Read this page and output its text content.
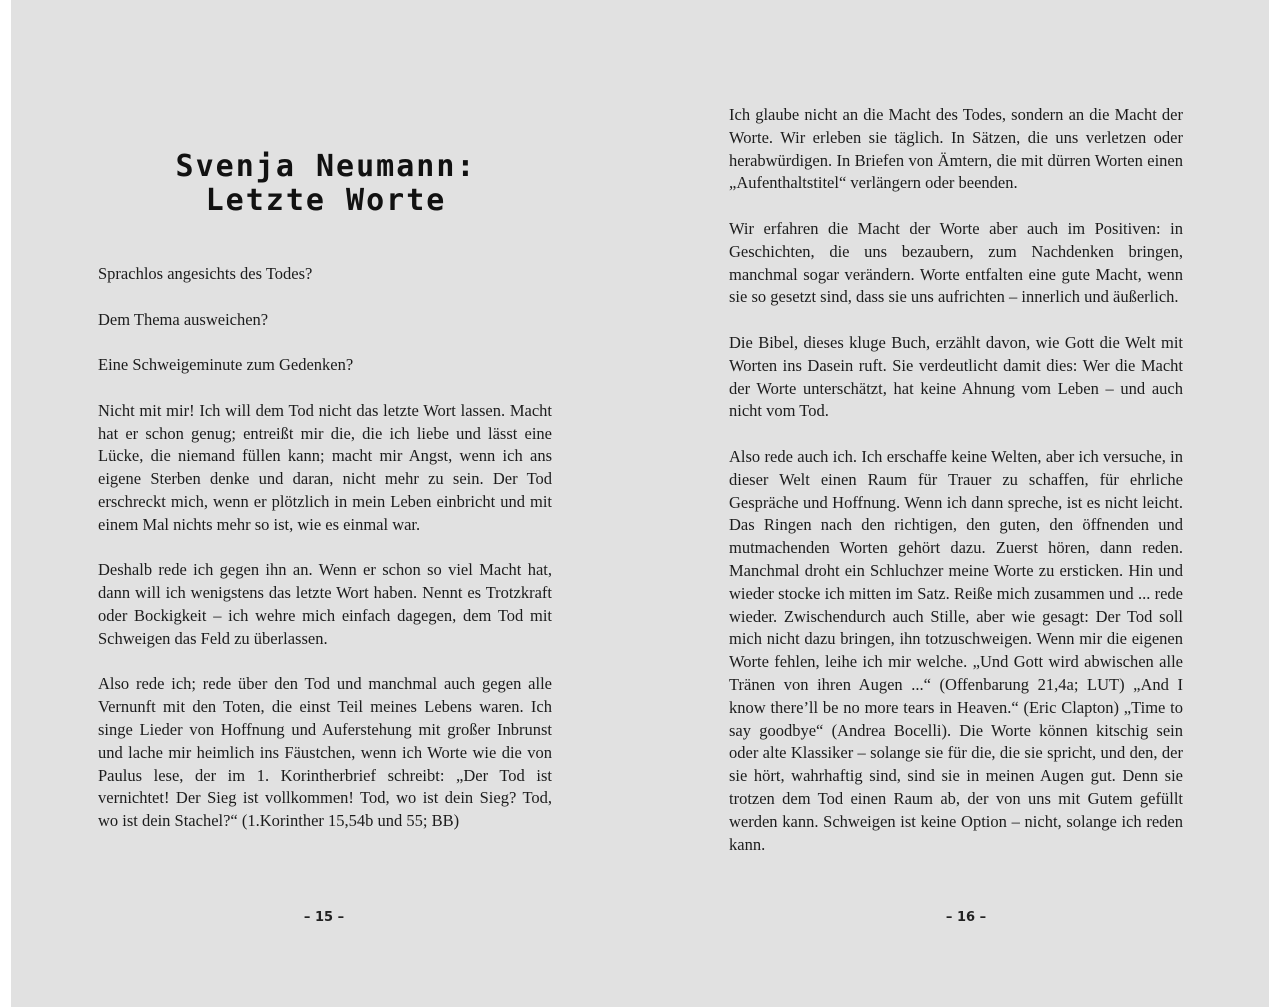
Svenja Neumann:
Letzte Worte

Sprachlos angesichts des Todes?

Dem Thema ausweichen?

Eine Schweigeminute zum Gedenken?

Nicht mit mir! Ich will dem Tod nicht das letzte Wort lassen. Macht hat er schon genug; entreißt mir die, die ich liebe und lässt eine Lücke, die niemand füllen kann; macht mir Angst, wenn ich ans eigene Sterben denke und daran, nicht mehr zu sein. Der Tod erschreckt mich, wenn er plötzlich in mein Leben einbricht und mit einem Mal nichts mehr so ist, wie es einmal war.

Deshalb rede ich gegen ihn an. Wenn er schon so viel Macht hat, dann will ich wenigstens das letzte Wort haben. Nennt es Trotzkraft oder Bockigkeit – ich wehre mich einfach dagegen, dem Tod mit Schweigen das Feld zu überlassen.

Also rede ich; rede über den Tod und manchmal auch gegen alle Vernunft mit den Toten, die einst Teil meines Lebens waren. Ich singe Lieder von Hoffnung und Auferstehung mit großer Inbrunst und lache mir heimlich ins Fäustchen, wenn ich Worte wie die von Paulus lese, der im 1. Korintherbrief schreibt: „Der Tod ist vernichtet! Der Sieg ist vollkommen! Tod, wo ist dein Sieg? Tod, wo ist dein Stachel?“ (1.Korinther 15,54b und 55; BB)

– 15 –

Ich glaube nicht an die Macht des Todes, sondern an die Macht der Worte. Wir erleben sie täglich. In Sätzen, die uns verletzen oder herabwürdigen. In Briefen von Ämtern, die mit dürren Worten einen „Aufenthaltstitel“ verlängern oder beenden.

Wir erfahren die Macht der Worte aber auch im Positiven: in Geschichten, die uns bezaubern, zum Nachdenken bringen, manchmal sogar verändern. Worte entfalten eine gute Macht, wenn sie so gesetzt sind, dass sie uns aufrichten – innerlich und äußerlich.

Die Bibel, dieses kluge Buch, erzählt davon, wie Gott die Welt mit Worten ins Dasein ruft. Sie verdeutlicht damit dies: Wer die Macht der Worte unterschätzt, hat keine Ahnung vom Leben – und auch nicht vom Tod.

Also rede auch ich. Ich erschaffe keine Welten, aber ich versuche, in dieser Welt einen Raum für Trauer zu schaffen, für ehrliche Gespräche und Hoffnung. Wenn ich dann spreche, ist es nicht leicht. Das Ringen nach den richtigen, den guten, den öffnenden und mutmachenden Worten gehört dazu. Zuerst hören, dann reden. Manchmal droht ein Schluchzer meine Worte zu ersticken. Hin und wieder stocke ich mitten im Satz. Reiße mich zusammen und ... rede wieder. Zwischendurch auch Stille, aber wie gesagt: Der Tod soll mich nicht dazu bringen, ihn totzuschweigen. Wenn mir die eigenen Worte fehlen, leihe ich mir welche. „Und Gott wird abwischen alle Tränen von ihren Augen ...“ (Offenbarung 21,4a; LUT) „And I know there’ll be no more tears in Heaven.“ (Eric Clapton) „Time to say goodbye“ (Andrea Bocelli). Die Worte können kitschig sein oder alte Klassiker – solange sie für die, die sie spricht, und den, der sie hört, wahrhaftig sind, sind sie in meinen Augen gut. Denn sie trotzen dem Tod einen Raum ab, der von uns mit Gutem gefüllt werden kann. Schweigen ist keine Option – nicht, solange ich reden kann.

– 16 –
